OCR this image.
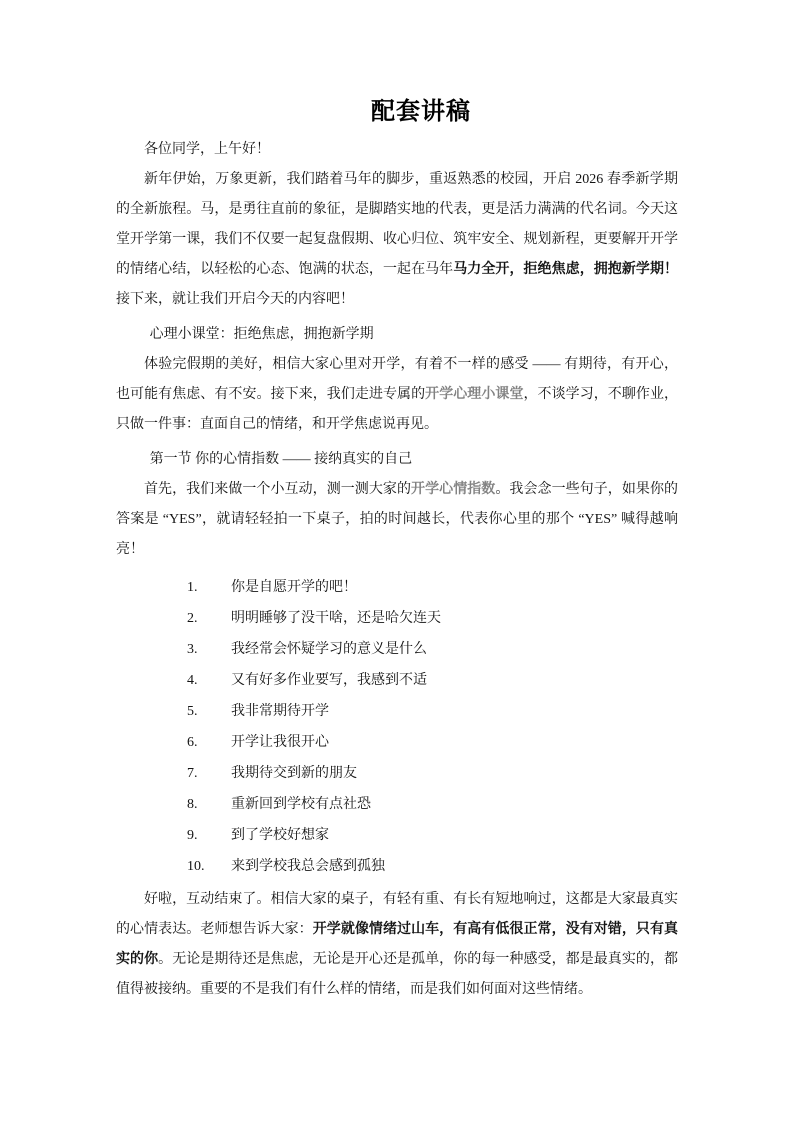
配套讲稿

各位同学，上午好！

新年伊始，万象更新，我们踏着马年的脚步，重返熟悉的校园，开启 2026 春季新学期的全新旅程。马，是勇往直前的象征，是脚踏实地的代表，更是活力满满的代名词。今天这堂开学第一课，我们不仅要一起复盘假期、收心归位、筑牢安全、规划新程，更要解开开学的情绪心结，以轻松的心态、饱满的状态，一起在马年马力全开，拒绝焦虑，拥抱新学期！接下来，就让我们开启今天的内容吧！

心理小课堂：拒绝焦虑，拥抱新学期

体验完假期的美好，相信大家心里对开学，有着不一样的感受 —— 有期待，有开心，也可能有焦虑、有不安。接下来，我们走进专属的开学心理小课堂，不谈学习，不聊作业，只做一件事：直面自己的情绪，和开学焦虑说再见。

第一节 你的心情指数 —— 接纳真实的自己

首先，我们来做一个小互动，测一测大家的开学心情指数。我会念一些句子，如果你的答案是 “YES”，就请轻轻拍一下桌子，拍的时间越长，代表你心里的那个 “YES” 喊得越响亮！

1. 你是自愿开学的吧！
2. 明明睡够了没干啥，还是哈欠连天
3. 我经常会怀疑学习的意义是什么
4. 又有好多作业要写，我感到不适
5. 我非常期待开学
6. 开学让我很开心
7. 我期待交到新的朋友
8. 重新回到学校有点社恐
9. 到了学校好想家
10. 来到学校我总会感到孤独

好啦，互动结束了。相信大家的桌子，有轻有重、有长有短地响过，这都是大家最真实的心情表达。老师想告诉大家：开学就像情绪过山车，有高有低很正常，没有对错，只有真实的你。无论是期待还是焦虑，无论是开心还是孤单，你的每一种感受，都是最真实的，都值得被接纳。重要的不是我们有什么样的情绪，而是我们如何面对这些情绪。
